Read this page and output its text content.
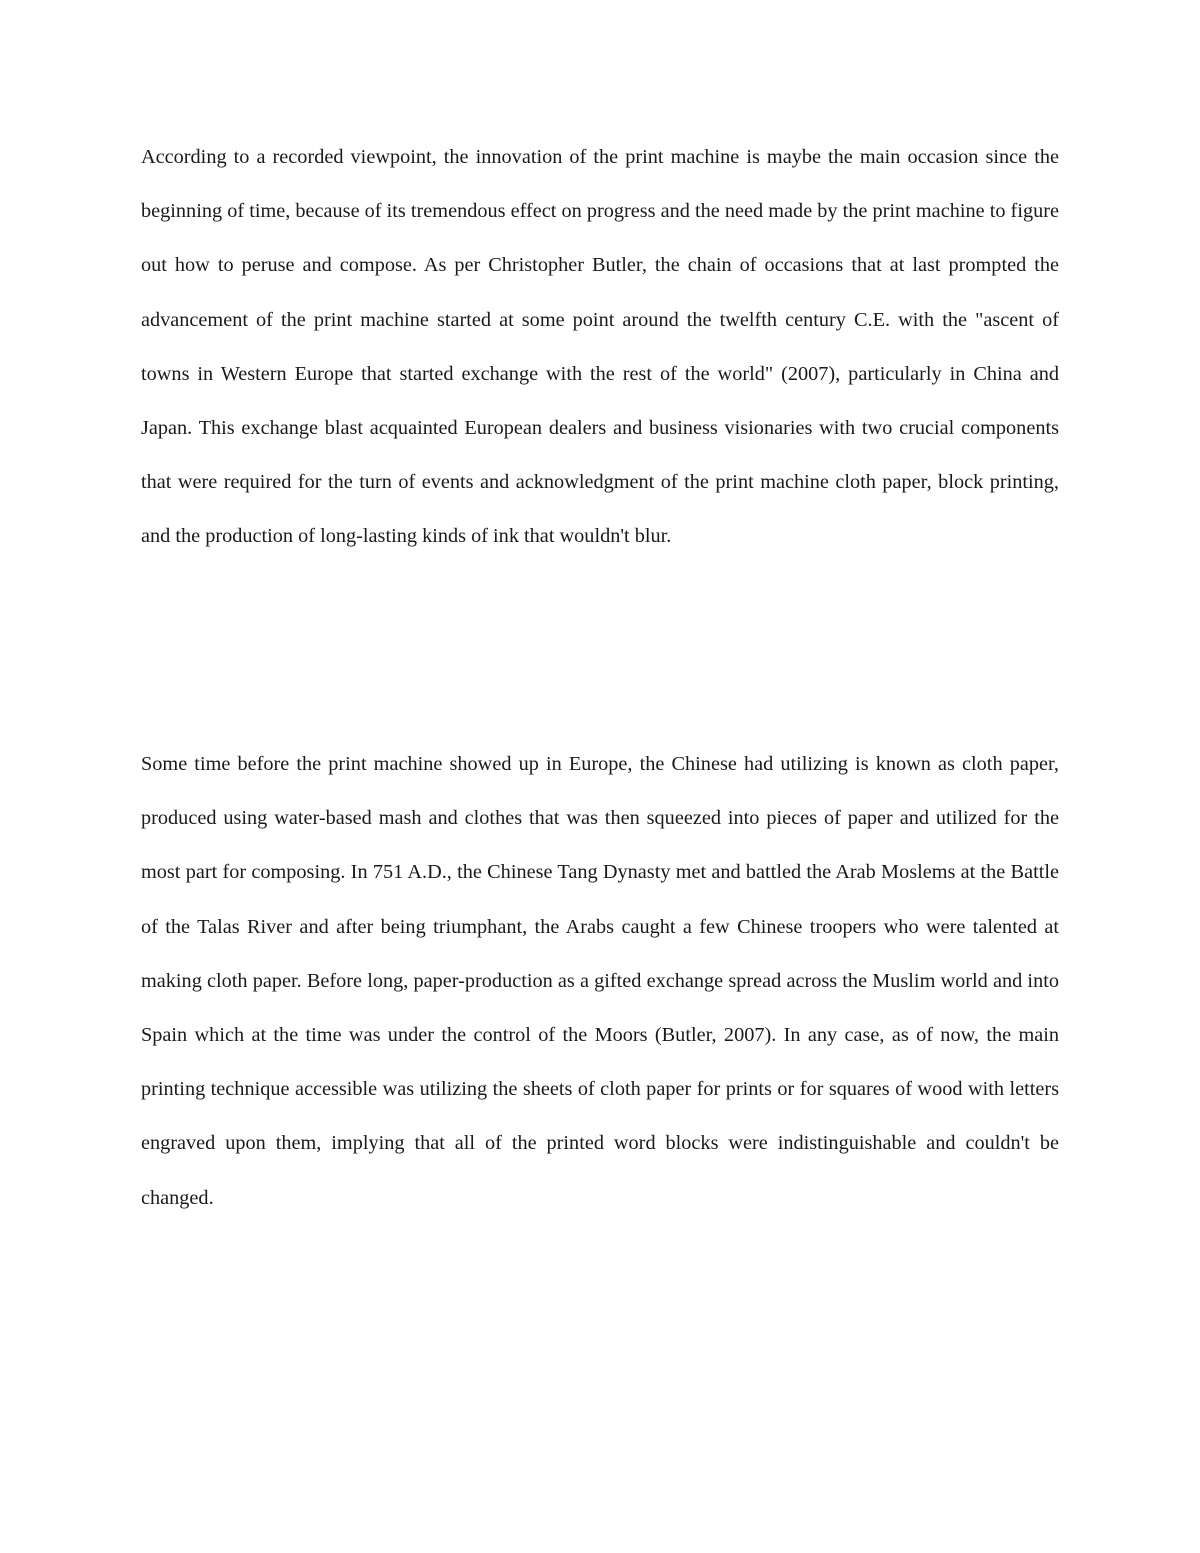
According to a recorded viewpoint, the innovation of the print machine is maybe the main occasion since the beginning of time, because of its tremendous effect on progress and the need made by the print machine to figure out how to peruse and compose. As per Christopher Butler, the chain of occasions that at last prompted the advancement of the print machine started at some point around the twelfth century C.E. with the "ascent of towns in Western Europe that started exchange with the rest of the world" (2007), particularly in China and Japan. This exchange blast acquainted European dealers and business visionaries with two crucial components that were required for the turn of events and acknowledgment of the print machine cloth paper, block printing, and the production of long-lasting kinds of ink that wouldn't blur.

Some time before the print machine showed up in Europe, the Chinese had utilizing is known as cloth paper, produced using water-based mash and clothes that was then squeezed into pieces of paper and utilized for the most part for composing. In 751 A.D., the Chinese Tang Dynasty met and battled the Arab Moslems at the Battle of the Talas River and after being triumphant, the Arabs caught a few Chinese troopers who were talented at making cloth paper. Before long, paper-production as a gifted exchange spread across the Muslim world and into Spain which at the time was under the control of the Moors (Butler, 2007). In any case, as of now, the main printing technique accessible was utilizing the sheets of cloth paper for prints or for squares of wood with letters engraved upon them, implying that all of the printed word blocks were indistinguishable and couldn't be changed.
